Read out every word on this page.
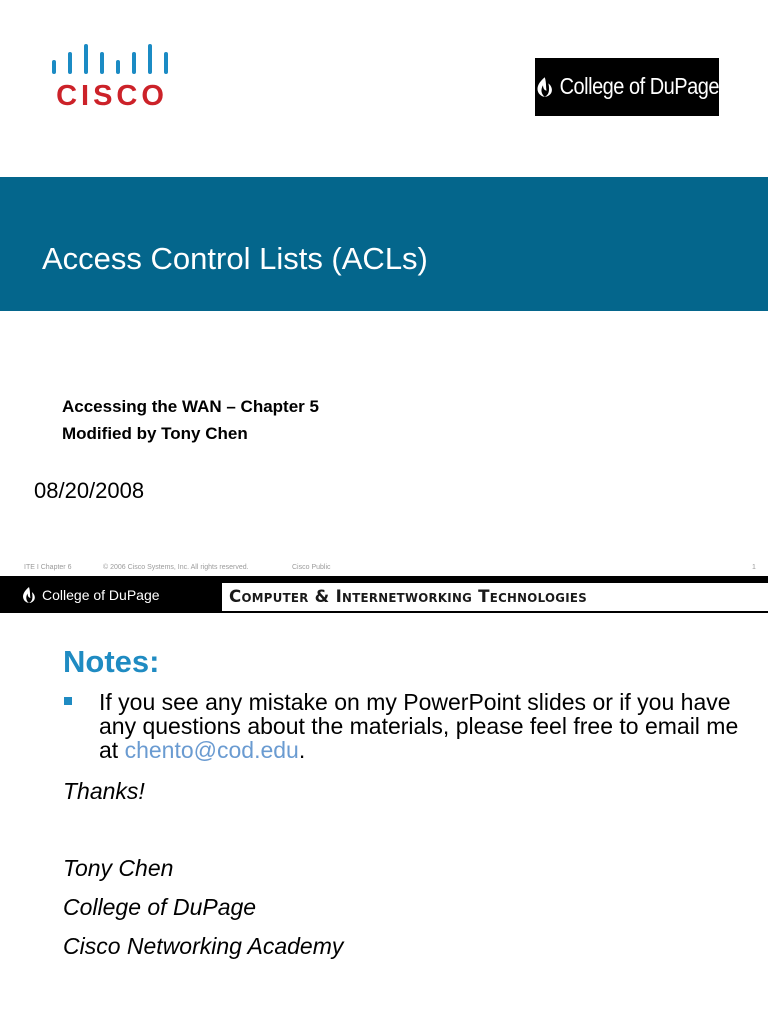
CISCO	College of DuPage
Access Control Lists (ACLs)
Accessing the WAN – Chapter 5
Modified by Tony Chen
08/20/2008
ITE I Chapter 6	© 2006 Cisco Systems, Inc. All rights reserved.	Cisco Public	1
College of DuPage	Computer & Internetworking Technologies
Notes:
If you see any mistake on my PowerPoint slides or if you have any questions about the materials, please feel free to email me at chento@cod.edu.
Thanks!
Tony Chen
College of DuPage
Cisco Networking Academy
